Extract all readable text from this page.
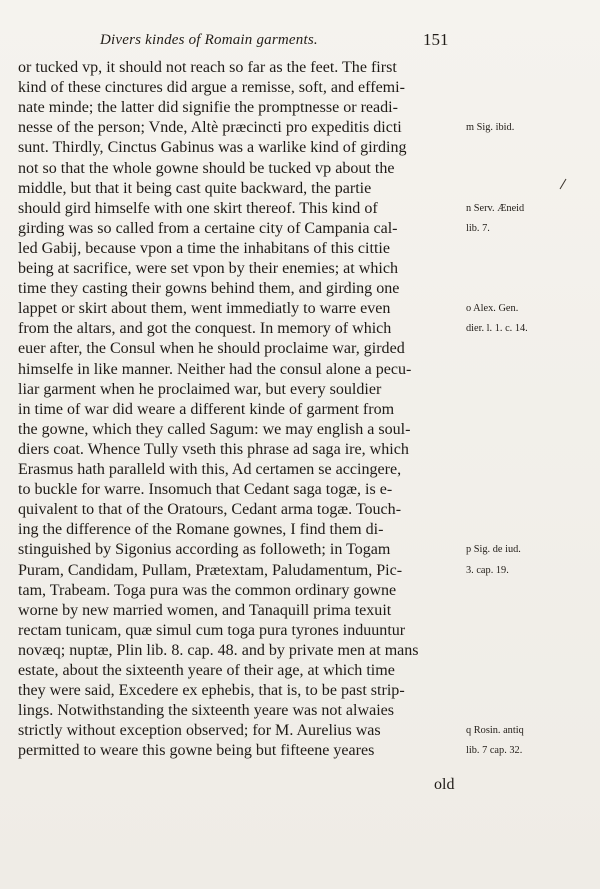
Divers kindes of Romain garments.	151
or tucked vp, it should not reach so far as the feet. The first
kind of these cinctures did argue a remisse, soft, and effemi-
nate minde; the latter did signifie the promptnesse or readi-
nesse of the person; Vnde, Altè præcincti pro expeditis dicti
sunt. Thirdly, Cinctus Gabinus was a warlike kind of girding
not so that the whole gowne should be tucked vp about the
middle, but that it being cast quite backward, the partie
should gird himselfe with one skirt thereof. This kind of
girding was so called from a certaine city of Campania cal-
led Gabij, because vpon a time the inhabitans of this cittie
being at sacrifice, were set vpon by their enemies; at which
time they casting their gowns behind them, and girding one
lappet or skirt about them, went immediatly to warre even
from the altars, and got the conquest. In memory of which
euer after, the Consul when he should proclaime war, girded
himselfe in like manner. Neither had the consul alone a pecu-
liar garment when he proclaimed war, but every souldier
in time of war did weare a different kinde of garment from
the gowne, which they called Sagum: we may english a soul-
diers coat. Whence Tully vseth this phrase ad saga ire, which
Erasmus hath paralleld with this, Ad certamen se accingere,
to buckle for warre. Insomuch that Cedant saga togæ, is e-
quivalent to that of the Oratours, Cedant arma togæ. Touch-
ing the difference of the Romane gownes, I find them di-
stinguished by Sigonius according as followeth; in Togam
Puram, Candidam, Pullam, Prætextam, Paludamentum, Pic-
tam, Trabeam. Toga pura was the common ordinary gowne
worne by new married women, and Tanaquill prima texuit
rectam tunicam, quæ simul cum toga pura tyrones induuntur
novæq; nuptæ, Plin lib. 8. cap. 48. and by private men at mans
estate, about the sixteenth yeare of their age, at which time
they were said, Excedere ex ephebis, that is, to be past strip-
lings. Notwithstanding the sixteenth yeare was not alwaies
strictly without exception observed; for M. Aurelius was
permitted to weare this gowne being but fifteene yeares
m Sig. ibid.
n Serv. Æneid
lib. 7.
o Alex. Gen.
dier. l. 1. c. 14.
p Sig. de iud.
3. cap. 19.
q Rosin. antiq
lib. 7 cap. 32.
old
